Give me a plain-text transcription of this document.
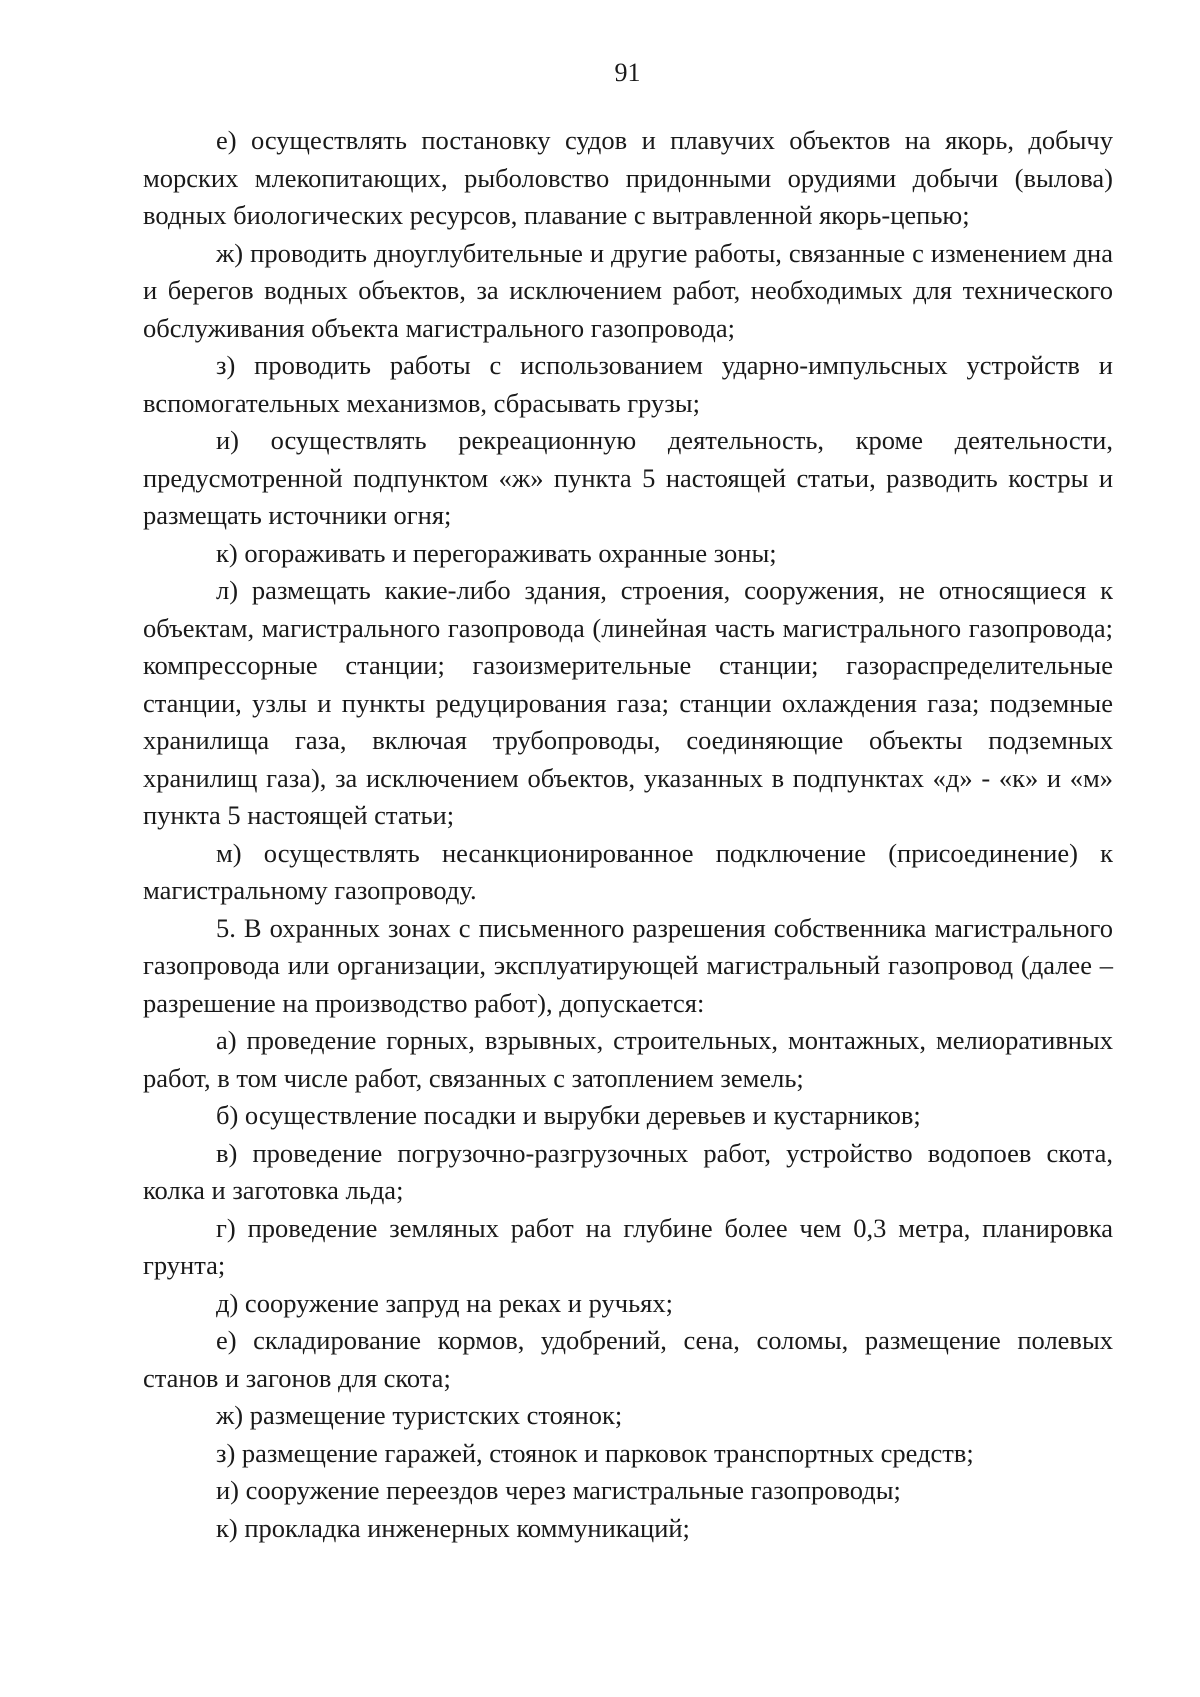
91

е) осуществлять постановку судов и плавучих объектов на якорь, добычу морских млекопитающих, рыболовство придонными орудиями добычи (вылова) водных биологических ресурсов, плавание с вытравленной якорь-цепью;

ж) проводить дноуглубительные и другие работы, связанные с изменением дна и берегов водных объектов, за исключением работ, необходимых для технического обслуживания объекта магистрального газопровода;

з) проводить работы с использованием ударно-импульсных устройств и вспомогательных механизмов, сбрасывать грузы;

и) осуществлять рекреационную деятельность, кроме деятельности, предусмотренной подпунктом «ж» пункта 5 настоящей статьи, разводить костры и размещать источники огня;

к) огораживать и перегораживать охранные зоны;

л) размещать какие-либо здания, строения, сооружения, не относящиеся к объектам, магистрального газопровода (линейная часть магистрального газопровода; компрессорные станции; газоизмерительные станции; газораспределительные станции, узлы и пункты редуцирования газа; станции охлаждения газа; подземные хранилища газа, включая трубопроводы, соединяющие объекты подземных хранилищ газа), за исключением объектов, указанных в подпунктах «д» - «к» и «м» пункта 5 настоящей статьи;

м) осуществлять несанкционированное подключение (присоединение) к магистральному газопроводу.

5. В охранных зонах с письменного разрешения собственника магистрального газопровода или организации, эксплуатирующей магистральный газопровод (далее – разрешение на производство работ), допускается:

а) проведение горных, взрывных, строительных, монтажных, мелиоративных работ, в том числе работ, связанных с затоплением земель;

б) осуществление посадки и вырубки деревьев и кустарников;

в) проведение погрузочно-разгрузочных работ, устройство водопоев скота, колка и заготовка льда;

г) проведение земляных работ на глубине более чем 0,3 метра, планировка грунта;

д) сооружение запруд на реках и ручьях;

е) складирование кормов, удобрений, сена, соломы, размещение полевых станов и загонов для скота;

ж) размещение туристских стоянок;

з) размещение гаражей, стоянок и парковок транспортных средств;

и) сооружение переездов через магистральные газопроводы;

к) прокладка инженерных коммуникаций;
